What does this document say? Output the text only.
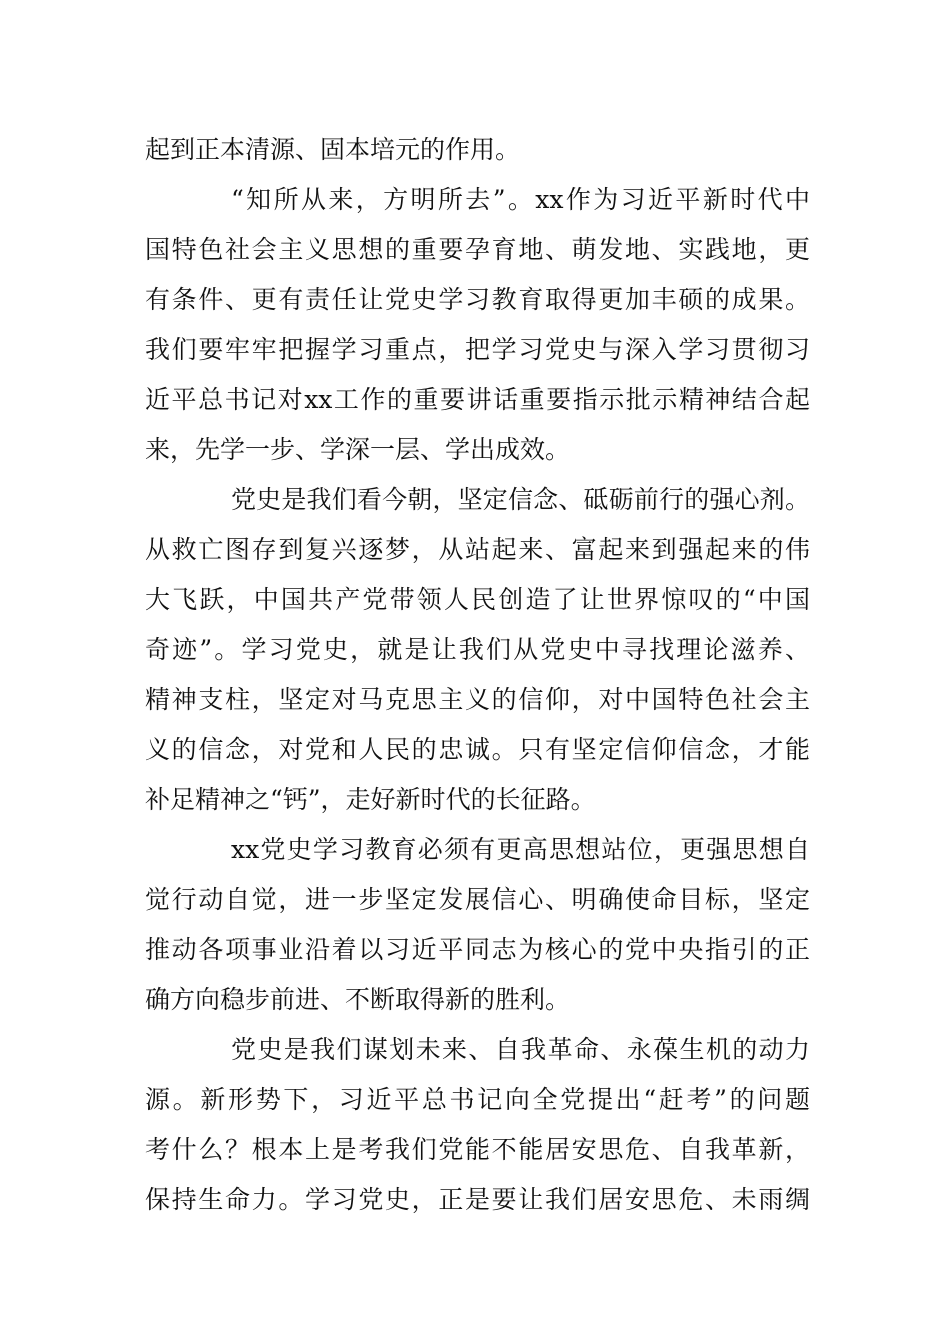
起到正本清源、固本培元的作用。
“知所从来，方明所去”。xx作为习近平新时代中
国特色社会主义思想的重要孕育地、萌发地、实践地，更
有条件、更有责任让党史学习教育取得更加丰硕的成果。
我们要牢牢把握学习重点，把学习党史与深入学习贯彻习
近平总书记对xx工作的重要讲话重要指示批示精神结合起
来，先学一步、学深一层、学出成效。
党史是我们看今朝，坚定信念、砥砺前行的强心剂。
从救亡图存到复兴逐梦，从站起来、富起来到强起来的伟
大飞跃，中国共产党带领人民创造了让世界惊叹的“中国
奇迹”。学习党史，就是让我们从党史中寻找理论滋养、
精神支柱，坚定对马克思主义的信仰，对中国特色社会主
义的信念，对党和人民的忠诚。只有坚定信仰信念，才能
补足精神之“钙”，走好新时代的长征路。
xx党史学习教育必须有更高思想站位，更强思想自
觉行动自觉，进一步坚定发展信心、明确使命目标，坚定
推动各项事业沿着以习近平同志为核心的党中央指引的正
确方向稳步前进、不断取得新的胜利。
党史是我们谋划未来、自我革命、永葆生机的动力
源。新形势下，习近平总书记向全党提出“赶考”的问题
考什么？根本上是考我们党能不能居安思危、自我革新，
保持生命力。学习党史，正是要让我们居安思危、未雨绸
